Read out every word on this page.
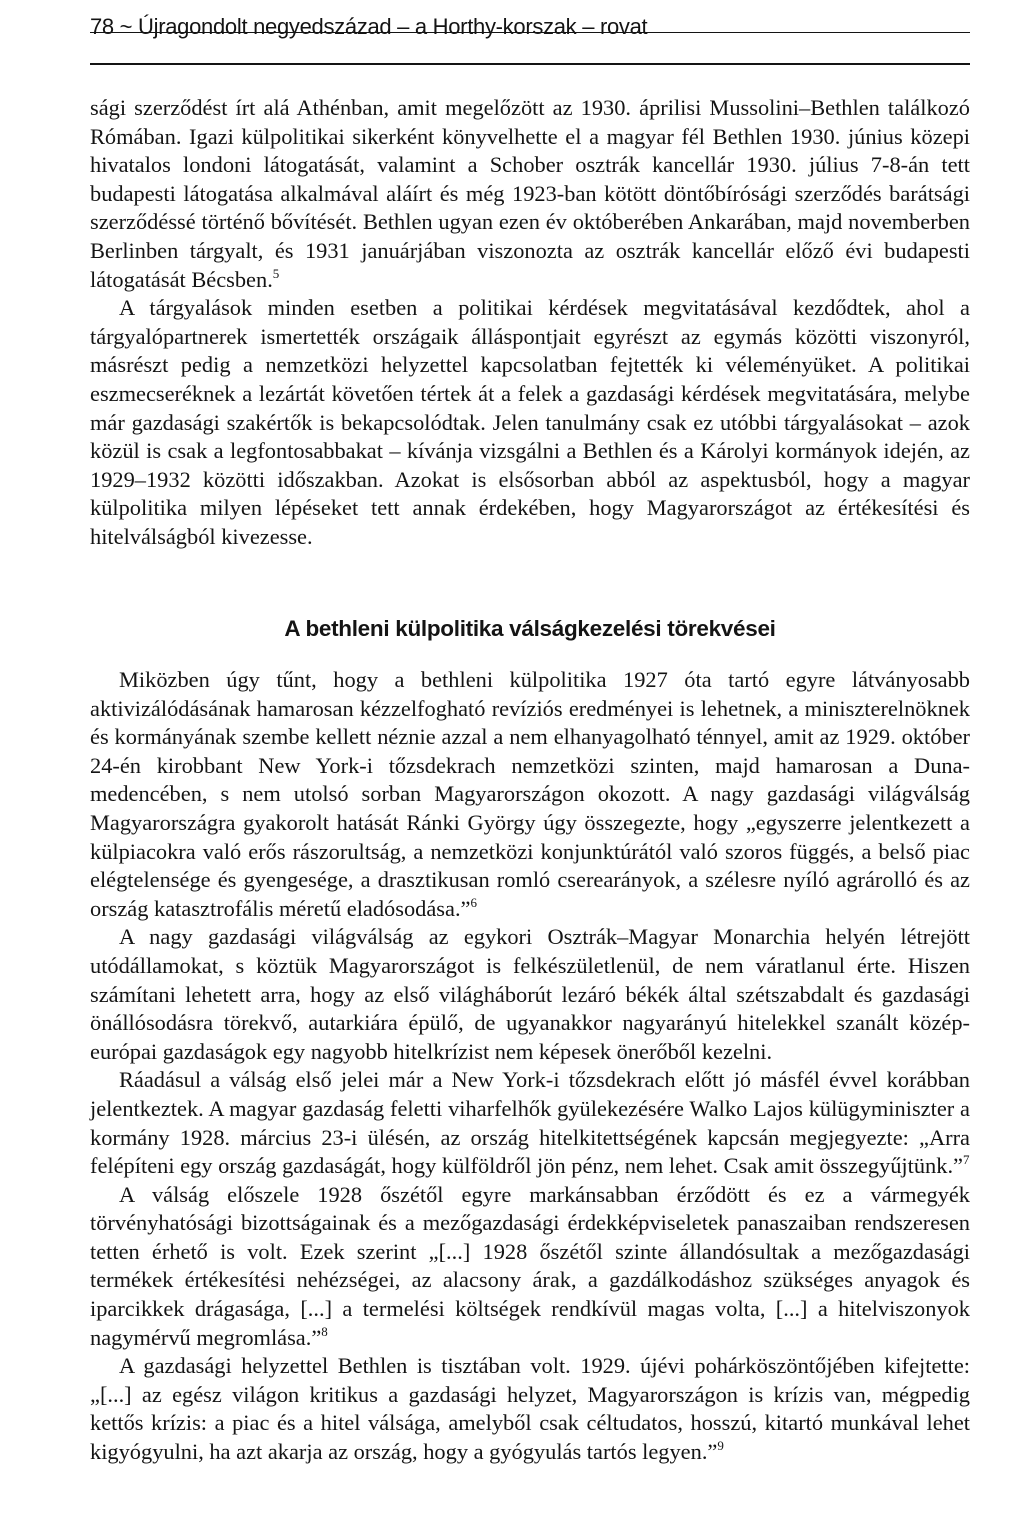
78 ~ Újragondolt negyedszázad – a Horthy-korszak – rovat

sági szerződést írt alá Athénban, amit megelőzött az 1930. áprilisi Mussolini–Bethlen találkozó Rómában. Igazi külpolitikai sikerként könyvelhette el a magyar fél Bethlen 1930. június közepi hivatalos londoni látogatását, valamint a Schober osztrák kancellár 1930. július 7-8-án tett budapesti látogatása alkalmával aláírt és még 1923-ban kötött döntőbírósági szerződés barátsági szerződéssé történő bővítését. Bethlen ugyan ezen év októberében Ankarában, majd novemberben Berlinben tárgyalt, és 1931 januárjában viszonozta az osztrák kancellár előző évi budapesti látogatását Bécsben.$^5$

A tárgyalások minden esetben a politikai kérdések megvitatásával kezdődtek, ahol a tárgyalópartnerek ismertették országaik álláspontjait egyrészt az egymás közötti viszonyról, másrészt pedig a nemzetközi helyzettel kapcsolatban fejtették ki véleményüket. A politikai eszmecseréknek a lezártát követően tértek át a felek a gazdasági kérdések megvitatására, melybe már gazdasági szakértők is bekapcsolódtak. Jelen tanulmány csak ez utóbbi tárgyalásokat – azok közül is csak a legfontosabbakat – kívánja vizsgálni a Bethlen és a Károlyi kormányok idején, az 1929–1932 közötti időszakban. Azokat is elsősorban abból az aspektusból, hogy a magyar külpolitika milyen lépéseket tett annak érdekében, hogy Magyarországot az értékesítési és hitelválságból kivezesse.

A bethleni külpolitika válságkezelési törekvései

Miközben úgy tűnt, hogy a bethleni külpolitika 1927 óta tartó egyre látványosabb aktivizálódásának hamarosan kézzelfogható revíziós eredményei is lehetnek, a miniszterelnöknek és kormányának szembe kellett néznie azzal a nem elhanyagolható ténnyel, amit az 1929. október 24-én kirobbant New York-i tőzsdekrach nemzetközi szinten, majd hamarosan a Duna-medencében, s nem utolsó sorban Magyarországon okozott. A nagy gazdasági világválság Magyarországra gyakorolt hatását Ránki György úgy összegezte, hogy „egyszerre jelentkezett a külpiacokra való erős rászorultság, a nemzetközi konjunktúrától való szoros függés, a belső piac elégtelensége és gyengesége, a drasztikusan romló cserearányok, a szélesre nyíló agrárolló és az ország katasztrofális méretű eladósodása.”$^6$

A nagy gazdasági világválság az egykori Osztrák–Magyar Monarchia helyén létrejött utódállamokat, s köztük Magyarországot is felkészületlenül, de nem váratlanul érte. Hiszen számítani lehetett arra, hogy az első világháborút lezáró békék által szétszabdalt és gazdasági önállósodásra törekvő, autarkiára épülő, de ugyanakkor nagyarányú hitelekkel szanált közép-európai gazdaságok egy nagyobb hitelkrízist nem képesek önerőből kezelni.

Ráadásul a válság első jelei már a New York-i tőzsdekrach előtt jó másfél évvel korábban jelentkeztek. A magyar gazdaság feletti viharfelhők gyülekezésére Walko Lajos külügyminiszter a kormány 1928. március 23-i ülésén, az ország hitelkitettségének kapcsán megjegyezte: „Arra felépíteni egy ország gazdaságát, hogy külföldről jön pénz, nem lehet. Csak amit összegyűjtünk.”$^7$

A válság előszele 1928 őszétől egyre markánsabban érződött és ez a vármegyék törvényhatósági bizottságainak és a mezőgazdasági érdekképviseletek panaszaiban rendszeresen tetten érhető is volt. Ezek szerint „[...] 1928 őszétől szinte állandósultak a mezőgazdasági termékek értékesítési nehézségei, az alacsony árak, a gazdálkodáshoz szükséges anyagok és iparcikkek drágasága, [...] a termelési költségek rendkívül magas volta, [...] a hitelviszonyok nagymérvű megromlása.”$^8$

A gazdasági helyzettel Bethlen is tisztában volt. 1929. újévi pohárköszöntőjében kifejtette: „[...] az egész világon kritikus a gazdasági helyzet, Magyarországon is krízis van, mégpedig kettős krízis: a piac és a hitel válsága, amelyből csak céltudatos, hosszú, kitartó munkával lehet kigyógyulni, ha azt akarja az ország, hogy a gyógyulás tartós legyen.”$^9$
